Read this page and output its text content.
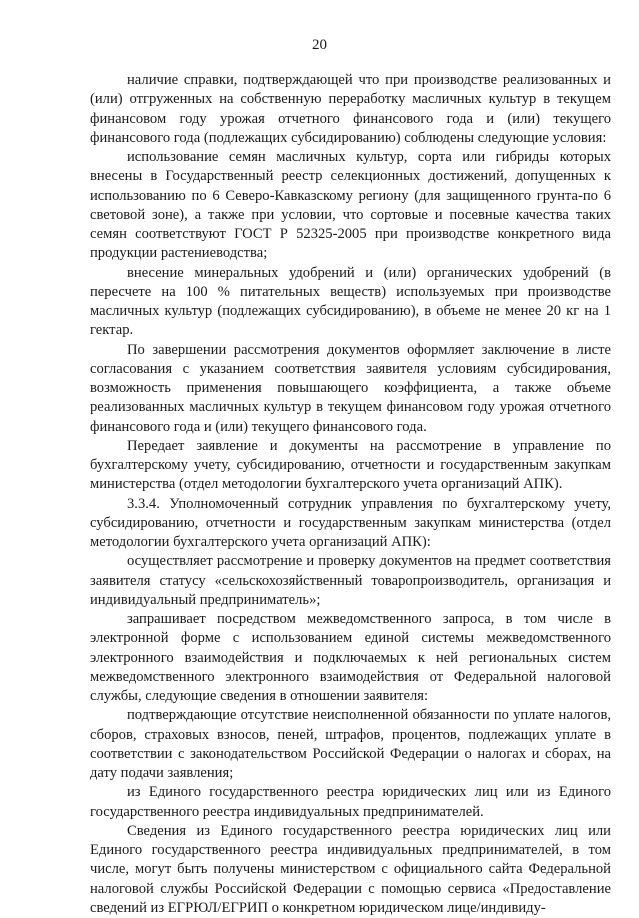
20

наличие справки, подтверждающей что при производстве реализованных и (или) отгруженных на собственную переработку масличных культур в текущем финансовом году урожая отчетного финансового года и (или) текущего финансового года (подлежащих субсидированию) соблюдены следующие условия:

использование семян масличных культур, сорта или гибриды которых внесены в Государственный реестр селекционных достижений, допущенных к использованию по 6 Северо-Кавказскому региону (для защищенного грунта-по 6 световой зоне), а также при условии, что сортовые и посевные качества таких семян соответствуют ГОСТ Р 52325-2005 при производстве конкретного вида продукции растениеводства;

внесение минеральных удобрений и (или) органических удобрений (в пересчете на 100 % питательных веществ) используемых при производстве масличных культур (подлежащих субсидированию), в объеме не менее 20 кг на 1 гектар.

По завершении рассмотрения документов оформляет заключение в листе согласования с указанием соответствия заявителя условиям субсидирования, возможность применения повышающего коэффициента, а также объеме реализованных масличных культур в текущем финансовом году урожая отчетного финансового года и (или) текущего финансового года.

Передает заявление и документы на рассмотрение в управление по бухгалтерскому учету, субсидированию, отчетности и государственным закупкам министерства (отдел методологии бухгалтерского учета организаций АПК).

3.3.4. Уполномоченный сотрудник управления по бухгалтерскому учету, субсидированию, отчетности и государственным закупкам министерства (отдел методологии бухгалтерского учета организаций АПК):

осуществляет рассмотрение и проверку документов на предмет соответствия заявителя статусу «сельскохозяйственный товаропроизводитель, организация и индивидуальный предприниматель»;

запрашивает посредством межведомственного запроса, в том числе в электронной форме с использованием единой системы межведомственного электронного взаимодействия и подключаемых к ней региональных систем межведомственного электронного взаимодействия от Федеральной налоговой службы, следующие сведения в отношении заявителя:

подтверждающие отсутствие неисполненной обязанности по уплате налогов, сборов, страховых взносов, пеней, штрафов, процентов, подлежащих уплате в соответствии с законодательством Российской Федерации о налогах и сборах, на дату подачи заявления;

из Единого государственного реестра юридических лиц или из Единого государственного реестра индивидуальных предпринимателей.

Сведения из Единого государственного реестра юридических лиц или Единого государственного реестра индивидуальных предпринимателей, в том числе, могут быть получены министерством с официального сайта Федеральной налоговой службы Российской Федерации с помощью сервиса «Предоставление сведений из ЕГРЮЛ/ЕГРИП о конкретном юридическом лице/индивиду-
